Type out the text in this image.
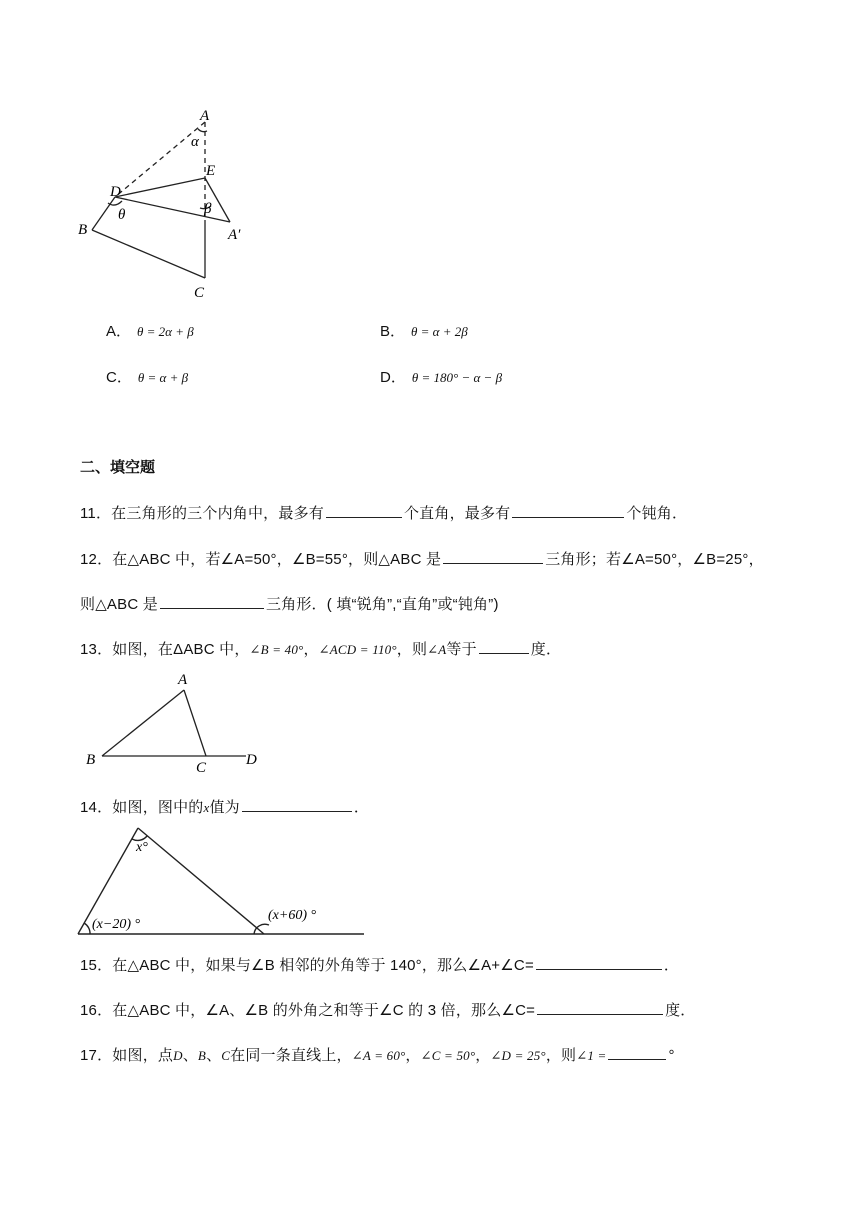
A
α
E
D
θ	β
B	A′
C
A． θ = 2α + β	B． θ = α + 2β
C． θ = α + β	D． θ = 180° − α − β
二、填空题
11．在三角形的三个内角中，最多有	个直角，最多有	个钝角．
12．在△ABC 中，若∠A=50°，∠B=55°，则△ABC 是	三角形；若∠A=50°，∠B=25°，
则△ABC 是	三角形．( 填“锐角”,“直角”或“钝角”)
13．如图，在ΔABC 中，∠B = 40°，∠ACD = 110°，则∠A等于	度．
A
B	C	D
14．如图，图中的x值为	．
x°
(x−20) °
(x+60) °
15．在△ABC 中，如果与∠B 相邻的外角等于 140°，那么∠A+∠C=	．
16．在△ABC 中，∠A、∠B 的外角之和等于∠C 的 3 倍，那么∠C=	度．
17．如图，点D、B、C在同一条直线上，∠A = 60°，∠C = 50°，∠D = 25°，则∠1 =	°
